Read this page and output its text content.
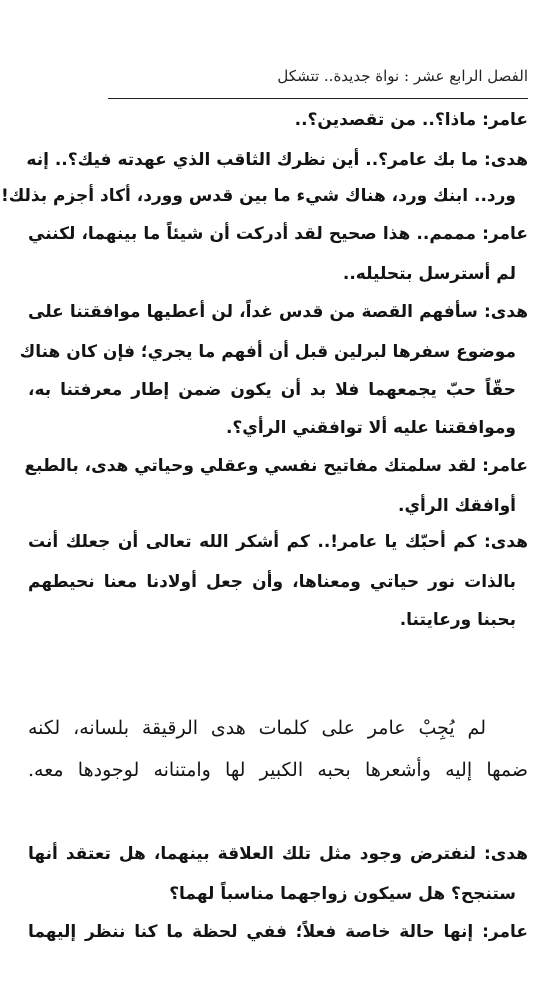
الفصل الرابع عشر : نواة جديدة.. تتشكل
عامر: ماذا؟.. من تقصدين؟..
هدى: ما بك عامر؟.. أين نظرك الثاقب الذي عهدته فيك؟.. إنه
ورد.. ابنك ورد، هناك شيء ما بين قدس وورد، أكاد أجزم بذلك!
عامر: مممم.. هذا صحيح لقد أدركت أن شيئاً ما بينهما، لكنني
لم أسترسل بتحليله..
هدى: سأفهم القصة من قدس غداً، لن أعطيها موافقتنا على
موضوع سفرها لبرلين قبل أن أفهم ما يجري؛ فإن كان هناك
حقّاً حبّ يجمعهما فلا بد أن يكون ضمن إطار معرفتنا به،
وموافقتنا عليه ألا توافقني الرأي؟.
عامر: لقد سلمتك مفاتيح نفسي وعقلي وحياتي هدى، بالطبع
أوافقك الرأي.
هدى: كم أحبّك يا عامر!.. كم أشكر الله تعالى أن جعلك أنت
بالذات نور حياتي ومعناها، وأن جعل أولادنا معنا نحيطهم
بحبنا ورعايتنا.
لم يُجِبْ عامر على كلمات هدى الرقيقة بلسانه، لكنه
ضمها إليه وأشعرها بحبه الكبير لها وامتنانه لوجودها معه.
هدى: لنفترض وجود مثل تلك العلاقة بينهما، هل تعتقد أنها
ستنجح؟ هل سيكون زواجهما مناسباً لهما؟
عامر: إنها حالة خاصة فعلاً؛ ففي لحظة ما كنا ننظر إليهما
